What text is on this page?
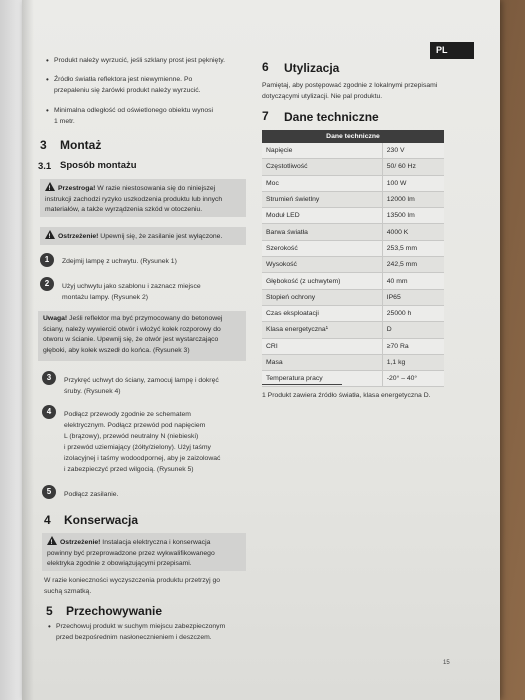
PL
• Produkt należy wyrzucić, jeśli szklany prost jest pęknięty.
• Źródło światła reflektora jest niewymienne. Po
przepaleniu się żarówki produkt należy wyrzucić.
• Minimalna odległość od oświetlonego obiektu wynosi
1 metr.
3 Montaż
3.1 Sposób montażu
! Przestroga! W razie niestosowania się do niniejszej
instrukcji zachodzi ryzyko uszkodzenia produktu lub innych
materiałów, a także wyrządzenia szkód w otoczeniu.
! Ostrzeżenie! Upewnij się, że zasilanie jest wyłączone.
1	Zdejmij lampę z uchwytu. (Rysunek 1)
2	Użyj uchwytu jako szablonu i zaznacz miejsce
montażu lampy. (Rysunek 2)
Uwaga! Jeśli reflektor ma być przymocowany do betonowej
ściany, należy wywiercić otwór i włożyć kołek rozporowy do
otworu w ścianie. Upewnij się, że otwór jest wystarczająco
głęboki, aby kołek wszedł do końca. (Rysunek 3)
3	Przykręć uchwyt do ściany, zamocuj lampę i dokręć
śruby. (Rysunek 4)
4	Podłącz przewody zgodnie ze schematem
elektrycznym. Podłącz przewód pod napięciem
L (brązowy), przewód neutralny N (niebieski)
i przewód uziemiający (żółty/zielony). Użyj taśmy
izolacyjnej i taśmy wodoodpornej, aby je zaizolować
i zabezpieczyć przed wilgocią. (Rysunek 5)
5	Podłącz zasilanie.
4 Konserwacja
! Ostrzeżenie! Instalacja elektryczna i konserwacja
powinny być przeprowadzone przez wykwalifikowanego
elektryka zgodnie z obowiązującymi przepisami.
W razie konieczności wyczyszczenia produktu przetrzyj go
suchą szmatką.
5 Przechowywanie
• Przechowuj produkt w suchym miejscu zabezpieczonym
przed bezpośrednim nasłonecznieniem i deszczem.
6 Utylizacja
Pamiętaj, aby postępować zgodnie z lokalnymi przepisami
dotyczącymi utylizacji. Nie pal produktu.
7 Dane techniczne
Dane techniczne	
Napięcie	230 V
Częstotliwość	50/ 60 Hz
Moc	100 W
Strumień świetlny	12000 lm
Moduł LED	13500 lm
Barwa światła	4000 K
Szerokość	253,5 mm
Wysokość	242,5 mm
Głębokość (z uchwytem)	40 mm
Stopień ochrony	IP65
Czas eksploatacji	25000 h
Klasa energetyczna¹	D
CRI	≥70 Ra
Masa	1,1 kg
Temperatura pracy	-20° – 40°
1 Produkt zawiera źródło światła, klasa energetyczna D.
15
